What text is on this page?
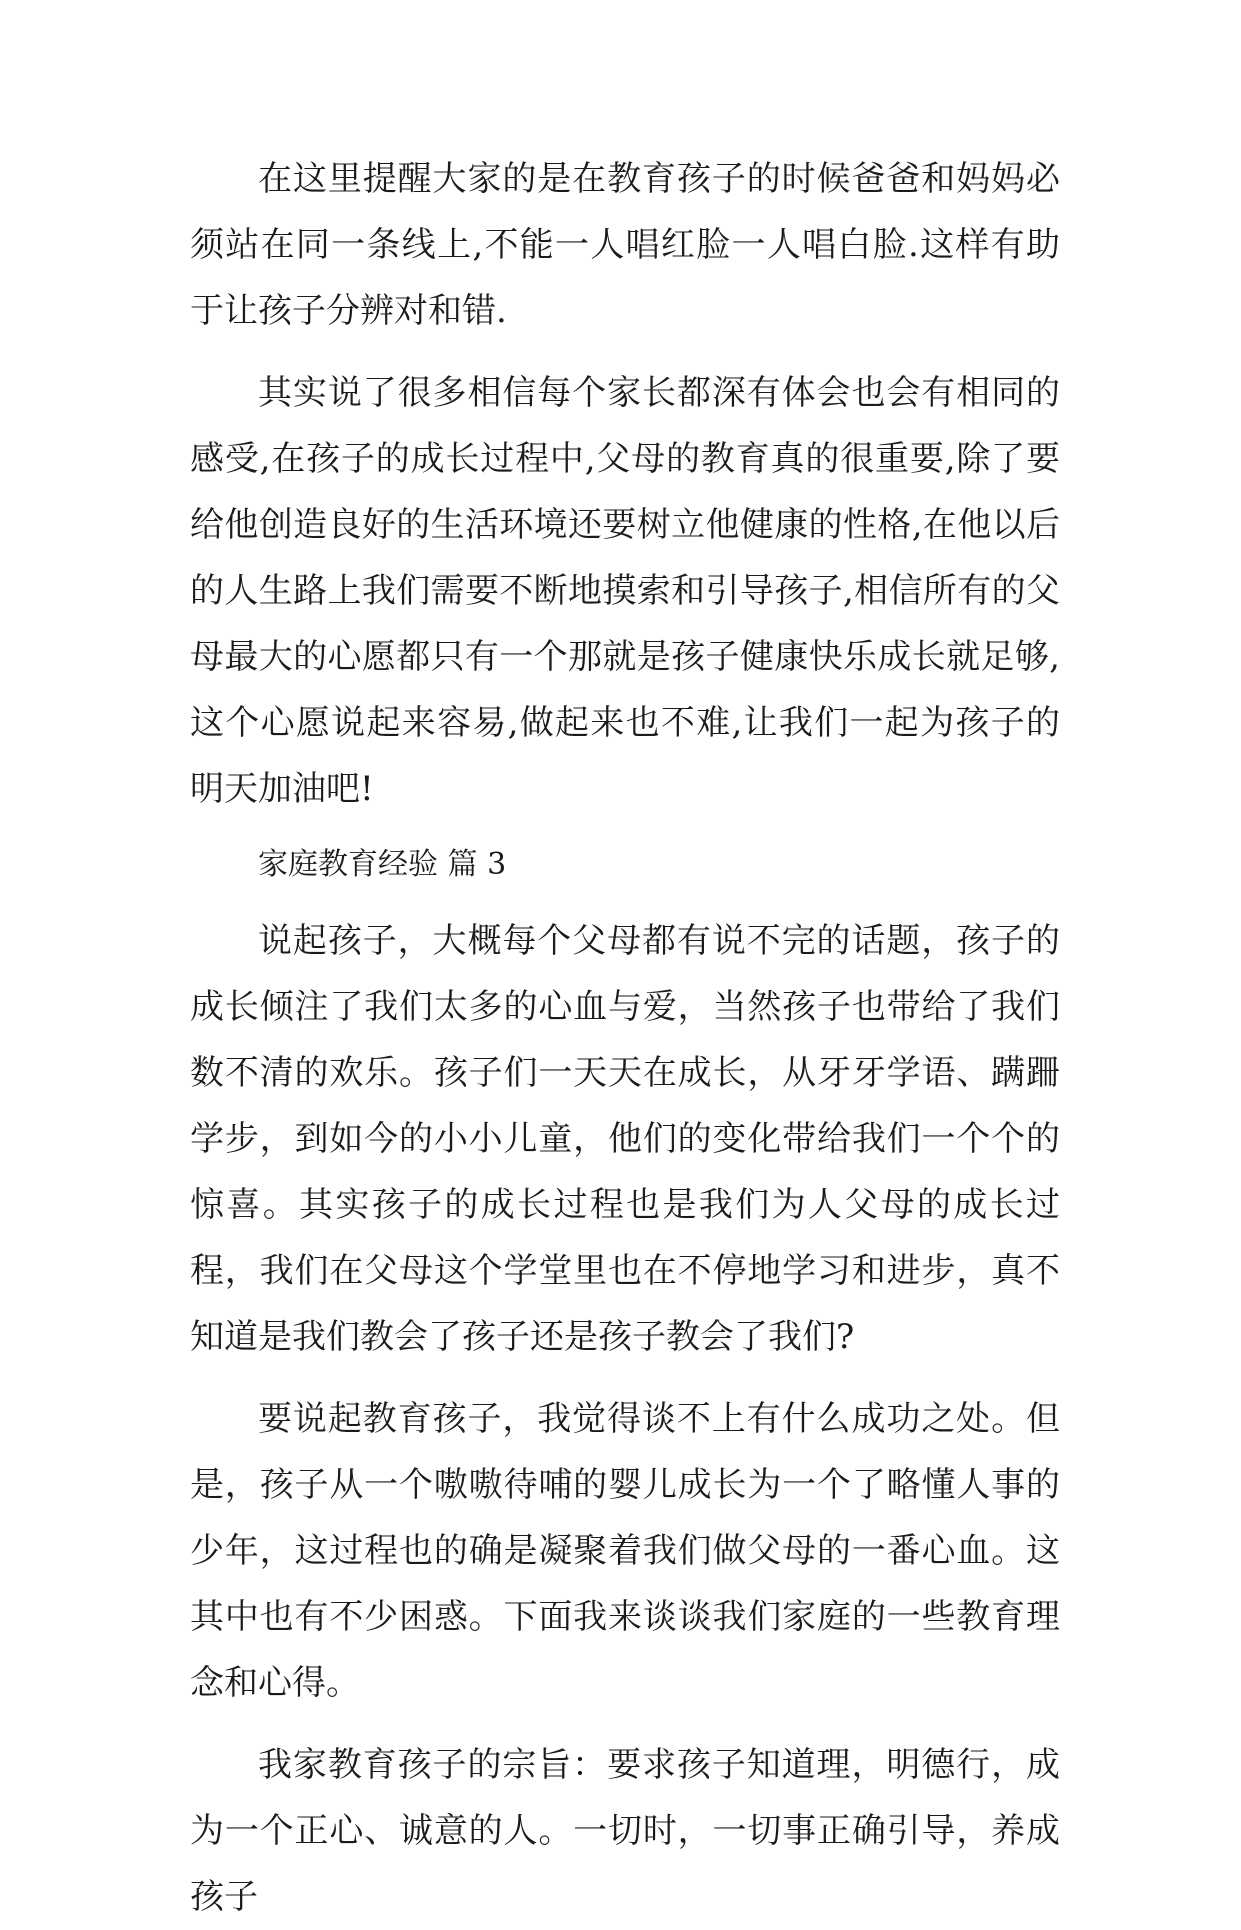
在这里提醒大家的是在教育孩子的时候爸爸和妈妈必须站在同一条线上,不能一人唱红脸一人唱白脸.这样有助于让孩子分辨对和错.

其实说了很多相信每个家长都深有体会也会有相同的感受,在孩子的成长过程中,父母的教育真的很重要,除了要给他创造良好的生活环境还要树立他健康的性格,在他以后的人生路上我们需要不断地摸索和引导孩子,相信所有的父母最大的心愿都只有一个那就是孩子健康快乐成长就足够,这个心愿说起来容易,做起来也不难,让我们一起为孩子的明天加油吧!

家庭教育经验 篇 3

说起孩子，大概每个父母都有说不完的话题，孩子的成长倾注了我们太多的心血与爱，当然孩子也带给了我们数不清的欢乐。孩子们一天天在成长，从牙牙学语、蹒跚学步，到如今的小小儿童，他们的变化带给我们一个个的惊喜。其实孩子的成长过程也是我们为人父母的成长过程，我们在父母这个学堂里也在不停地学习和进步，真不知道是我们教会了孩子还是孩子教会了我们?

要说起教育孩子，我觉得谈不上有什么成功之处。但是，孩子从一个嗷嗷待哺的婴儿成长为一个了略懂人事的少年，这过程也的确是凝聚着我们做父母的一番心血。这其中也有不少困惑。下面我来谈谈我们家庭的一些教育理念和心得。

我家教育孩子的宗旨：要求孩子知道理，明德行，成为一个正心、诚意的人。一切时，一切事正确引导，养成孩子
